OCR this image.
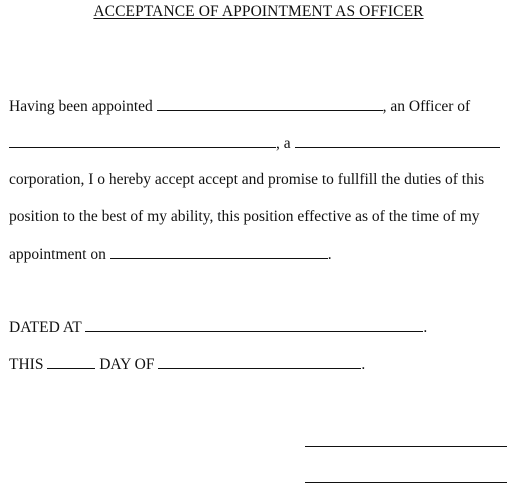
ACCEPTANCE OF APPOINTMENT AS OFFICER
Having been appointed	, an Officer of
, a
corporation, I o hereby accept accept and promise to fullfill the duties of this
position to the best of my ability, this position effective as of the time of my
appointment on	.
DATED AT	.
THIS	DAY OF	.
